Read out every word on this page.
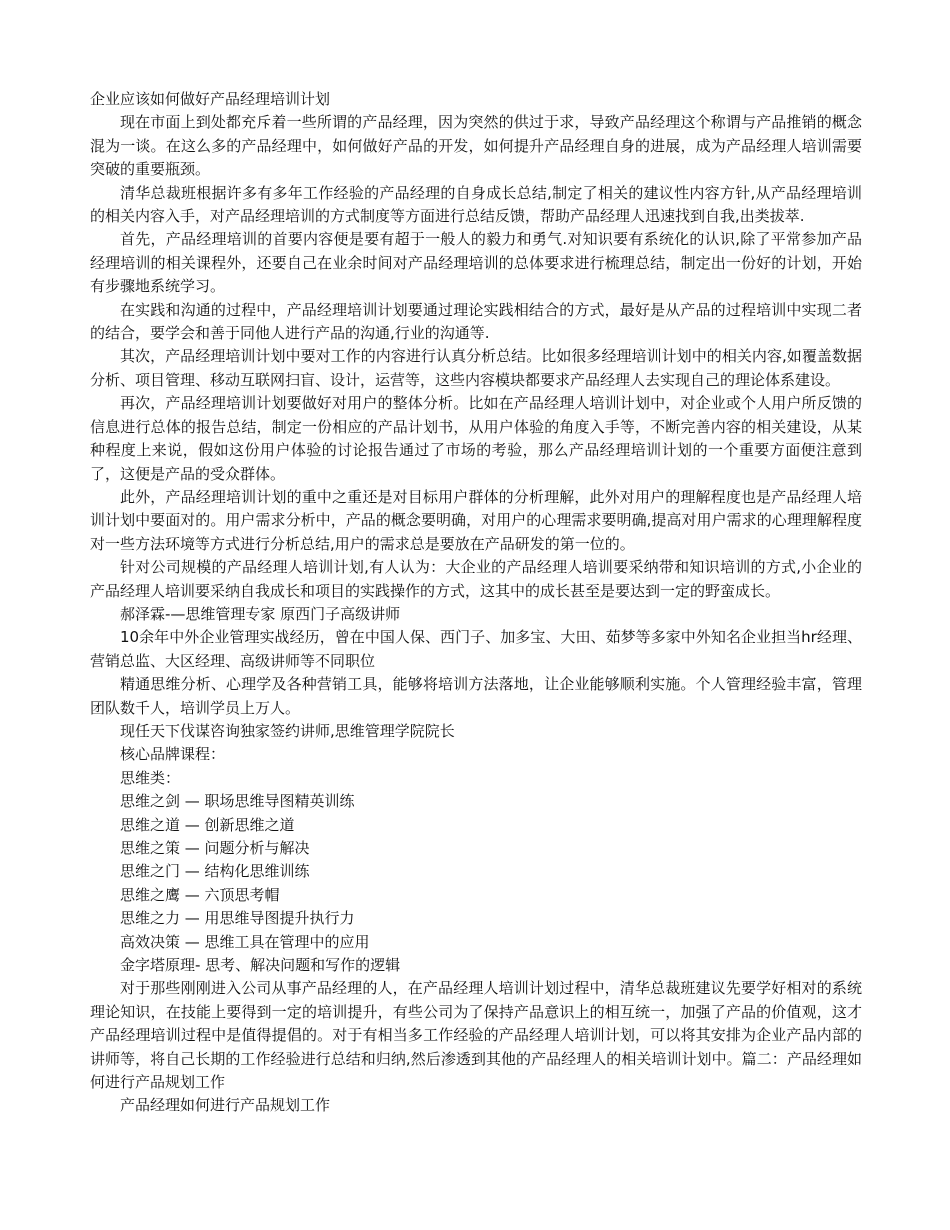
企业应该如何做好产品经理培训计划

现在市面上到处都充斥着一些所谓的产品经理，因为突然的供过于求，导致产品经理这个称谓与产品推销的概念混为一谈。在这么多的产品经理中，如何做好产品的开发，如何提升产品经理自身的进展，成为产品经理人培训需要突破的重要瓶颈。

清华总裁班根据许多有多年工作经验的产品经理的自身成长总结,制定了相关的建议性内容方针,从产品经理培训的相关内容入手，对产品经理培训的方式制度等方面进行总结反馈，帮助产品经理人迅速找到自我,出类拔萃.

首先，产品经理培训的首要内容便是要有超于一般人的毅力和勇气.对知识要有系统化的认识,除了平常参加产品经理培训的相关课程外，还要自己在业余时间对产品经理培训的总体要求进行梳理总结，制定出一份好的计划，开始有步骤地系统学习。

在实践和沟通的过程中，产品经理培训计划要通过理论实践相结合的方式，最好是从产品的过程培训中实现二者的结合，要学会和善于同他人进行产品的沟通,行业的沟通等.

其次，产品经理培训计划中要对工作的内容进行认真分析总结。比如很多经理培训计划中的相关内容,如覆盖数据分析、项目管理、移动互联网扫盲、设计，运营等，这些内容模块都要求产品经理人去实现自己的理论体系建设。

再次，产品经理培训计划要做好对用户的整体分析。比如在产品经理人培训计划中，对企业或个人用户所反馈的信息进行总体的报告总结，制定一份相应的产品计划书，从用户体验的角度入手等，不断完善内容的相关建设，从某种程度上来说，假如这份用户体验的讨论报告通过了市场的考验，那么产品经理培训计划的一个重要方面便注意到了，这便是产品的受众群体。

此外，产品经理培训计划的重中之重还是对目标用户群体的分析理解，此外对用户的理解程度也是产品经理人培训计划中要面对的。用户需求分析中，产品的概念要明确，对用户的心理需求要明确,提高对用户需求的心理理解程度对一些方法环境等方式进行分析总结,用户的需求总是要放在产品研发的第一位的。

针对公司规模的产品经理人培训计划,有人认为：大企业的产品经理人培训要采纳带和知识培训的方式,小企业的产品经理人培训要采纳自我成长和项目的实践操作的方式，这其中的成长甚至是要达到一定的野蛮成长。

郝泽霖-—思维管理专家 原西门子高级讲师

10余年中外企业管理实战经历，曾在中国人保、西门子、加多宝、大田、茹梦等多家中外知名企业担当hr经理、营销总监、大区经理、高级讲师等不同职位

精通思维分析、心理学及各种营销工具，能够将培训方法落地，让企业能够顺利实施。个人管理经验丰富，管理团队数千人，培训学员上万人。

现任天下伐谋咨询独家签约讲师,思维管理学院院长

核心品牌课程：

思维类：

思维之剑 — 职场思维导图精英训练

思维之道 — 创新思维之道

思维之策 — 问题分析与解决

思维之门 — 结构化思维训练

思维之鹰 — 六顶思考帽

思维之力 — 用思维导图提升执行力

高效决策 — 思维工具在管理中的应用

金字塔原理- 思考、解决问题和写作的逻辑

对于那些刚刚进入公司从事产品经理的人，在产品经理人培训计划过程中，清华总裁班建议先要学好相对的系统理论知识，在技能上要得到一定的培训提升，有些公司为了保持产品意识上的相互统一，加强了产品的价值观，这才产品经理培训过程中是值得提倡的。对于有相当多工作经验的产品经理人培训计划，可以将其安排为企业产品内部的讲师等，将自己长期的工作经验进行总结和归纳,然后渗透到其他的产品经理人的相关培训计划中。篇二：产品经理如何进行产品规划工作

产品经理如何进行产品规划工作
